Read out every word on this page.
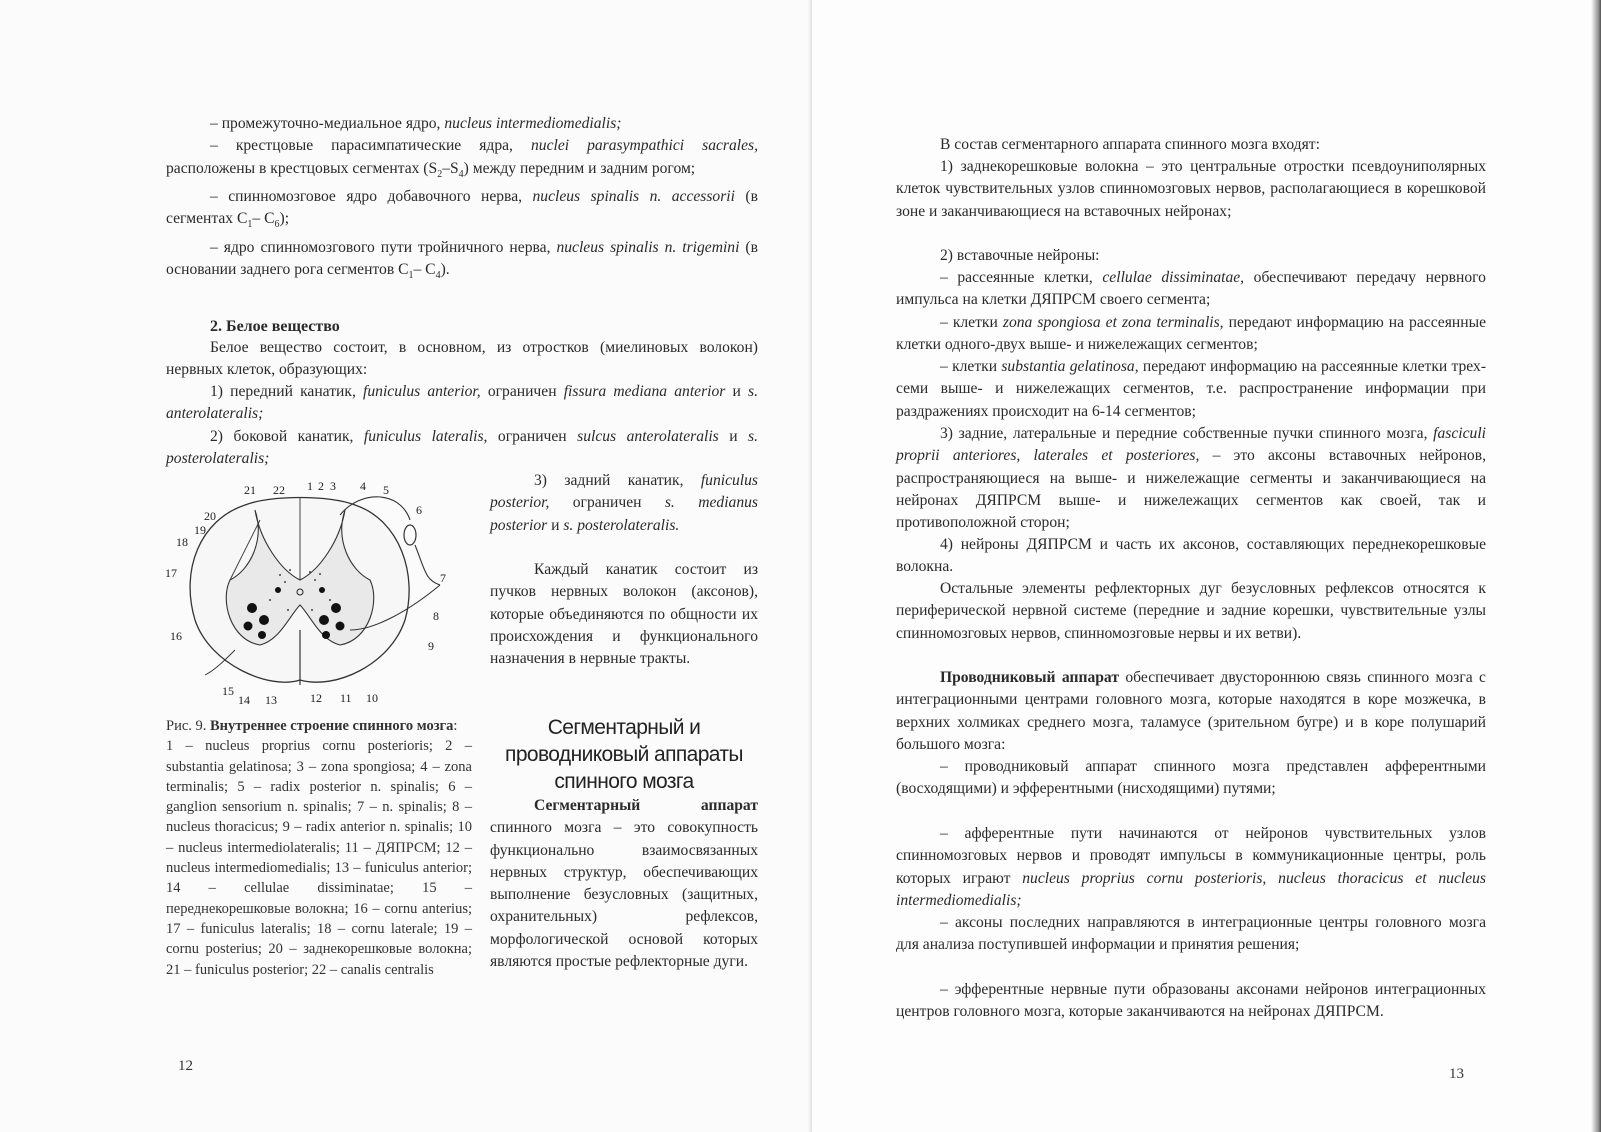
– промежуточно-медиальное ядро, nucleus intermediomedialis;
– крестцовые парасимпатические ядра, nuclei parasympathici sacrales, расположены в крестцовых сегментах $(S_2-S_4)$ между передним и задним рогом;
– спинномозговое ядро добавочного нерва, nucleus spinalis n. accessorii (в сегментах $C_1-$ $C_6$);
– ядро спинномозгового пути тройничного нерва, nucleus spinalis n. trigemini (в основании заднего рога сегментов $C_1-$ $C_4$).
2. Белое вещество
Белое вещество состоит, в основном, из отростков (миелиновых волокон) нервных клеток, образующих:
1) передний канатик, funiculus anterior, ограничен fissura mediana anterior и s. anterolateralis;
2) боковой канатик, funiculus lateralis, ограничен sulcus anterolateralis и s. posterolateralis;
21 22 1 2 3 4 5
6
20
19
18
17	7
8
16
9
15
14 13	12 11 10
3) задний канатик, funiculus posterior, ограничен s. medianus posterior и s. posterolateralis.
Каждый канатик состоит из пучков нервных волокон (аксонов), которые объединяются по общности их происхождения и функционального назначения в нервные тракты.
Рис. 9. Внутреннее строение спинного мозга:
1 – nucleus proprius cornu posterioris; 2 – substantia gelatinosa; 3 – zona spongiosa; 4 – zona terminalis; 5 – radix posterior n. spinalis; 6 – ganglion sensorium n. spinalis; 7 – n. spinalis; 8 – nucleus thoracicus; 9 – radix anterior n. spinalis; 10 – nucleus intermediolateralis; 11 – ДЯПРСМ; 12 – nucleus intermediomedialis; 13 – funiculus anterior; 14 – cellulae dissiminatae; 15 – переднекорешковые волокна; 16 – cornu anterius; 17 – funiculus lateralis; 18 – cornu laterale; 19 – cornu posterius; 20 – заднекорешковые волокна; 21 – funiculus posterior; 22 – canalis centralis
Сегментарный и проводниковый аппараты спинного мозга
Сегментарный аппарат спинного мозга – это совокупность функционально взаимосвязанных нервных структур, обеспечивающих выполнение безусловных (защитных, охранительных) рефлексов, морфологической основой которых являются простые рефлекторные дуги.
12
В состав сегментарного аппарата спинного мозга входят:
1) заднекорешковые волокна – это центральные отростки псевдоуниполярных клеток чувствительных узлов спинномозговых нервов, располагающиеся в корешковой зоне и заканчивающиеся на вставочных нейронах;
2) вставочные нейроны:
– рассеянные клетки, cellulae dissiminatae, обеспечивают передачу нервного импульса на клетки ДЯПРСМ своего сегмента;
– клетки zona spongiosa et zona terminalis, передают информацию на рассеянные клетки одного-двух выше- и нижележащих сегментов;
– клетки substantia gelatinosa, передают информацию на рассеянные клетки трех-семи выше- и нижележащих сегментов, т.е. распространение информации при раздражениях происходит на 6-14 сегментов;
3) задние, латеральные и передние собственные пучки спинного мозга, fasciculi proprii anteriores, laterales et posteriores, – это аксоны вставочных нейронов, распространяющиеся на выше- и нижележащие сегменты и заканчивающиеся на нейронах ДЯПРСМ выше- и нижележащих сегментов как своей, так и противоположной сторон;
4) нейроны ДЯПРСМ и часть их аксонов, составляющих переднекорешковые волокна.
Остальные элементы рефлекторных дуг безусловных рефлексов относятся к периферической нервной системе (передние и задние корешки, чувствительные узлы спинномозговых нервов, спинномозговые нервы и их ветви).
Проводниковый аппарат обеспечивает двустороннюю связь спинного мозга с интеграционными центрами головного мозга, которые находятся в коре мозжечка, в верхних холмиках среднего мозга, таламусе (зрительном бугре) и в коре полушарий большого мозга:
– проводниковый аппарат спинного мозга представлен афферентными (восходящими) и эфферентными (нисходящими) путями;
– афферентные пути начинаются от нейронов чувствительных узлов спинномозговых нервов и проводят импульсы в коммуникационные центры, роль которых играют nucleus proprius cornu posterioris, nucleus thoracicus et nucleus intermediomedialis;
– аксоны последних направляются в интеграционные центры головного мозга для анализа поступившей информации и принятия решения;
– эфферентные нервные пути образованы аксонами нейронов интеграционных центров головного мозга, которые заканчиваются на нейронах ДЯПРСМ.
13
